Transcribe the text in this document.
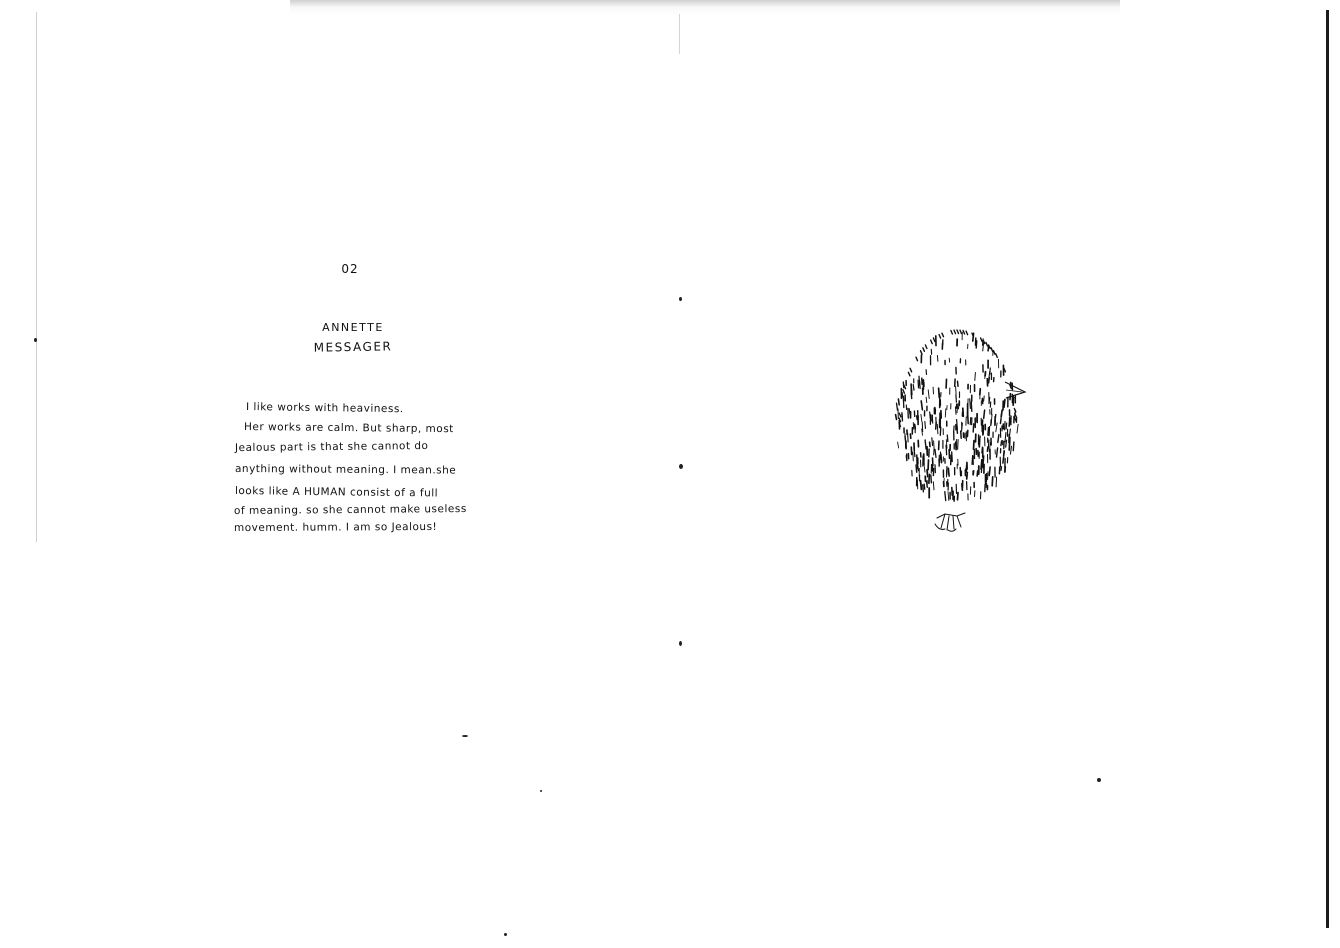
02
ANNETTE
MESSAGER
I like works with heaviness.
Her works are calm. But sharp, most
Jealous part is that she cannot do
anything without meaning. I mean.she
looks like A HUMAN consist of a full
of meaning. so she cannot make useless
movement. humm. I am so Jealous!
